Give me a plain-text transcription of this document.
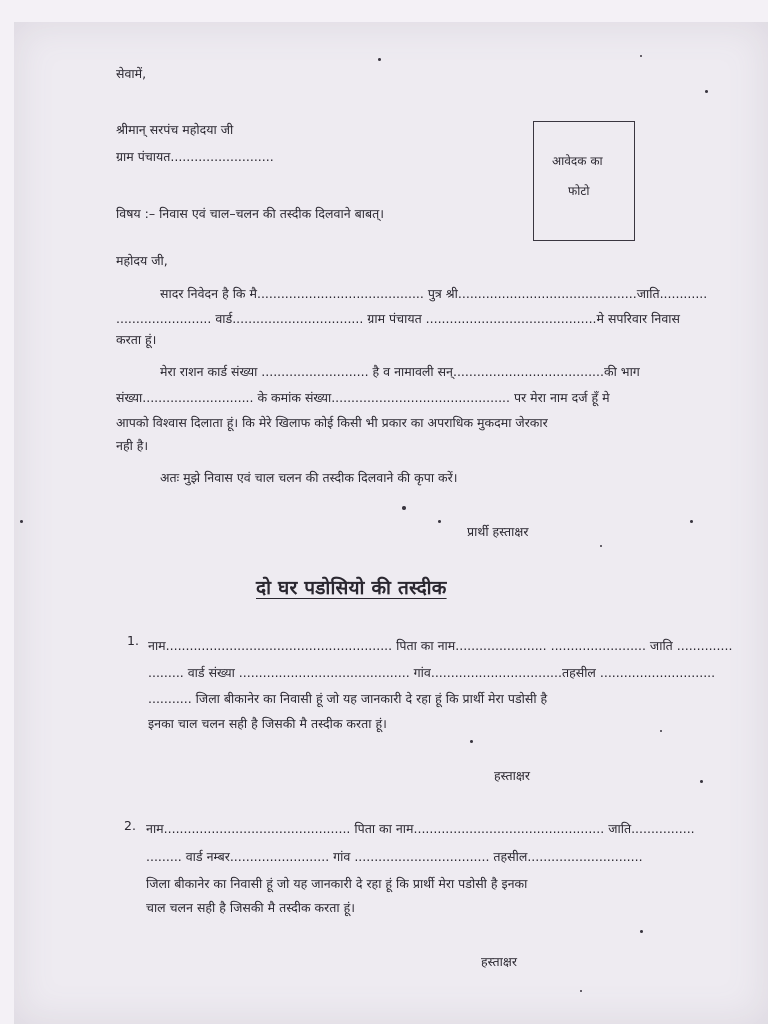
सेवामें,
श्रीमान् सरपंच महोदया जी
ग्राम पंचायत..........................	आवेदक का
फोटो
विषय :– निवास एवं चाल–चलन की तस्दीक दिलवाने बाबत्।
महोदय जी,
सादर निवेदन है कि मै.......................................... पुत्र श्री.............................................जाति............
........................ वार्ड................................. ग्राम पंचायत ...........................................मे सपरिवार निवास
करता हूं।
मेरा राशन कार्ड संख्या ........................... है व नामावली सन्......................................की भाग
संख्या............................ के कमांक संख्या............................................. पर मेरा नाम दर्ज हूँ मे
आपको विश्वास दिलाता हूं। कि मेरे खिलाफ कोई किसी भी प्रकार का अपराधिक मुकदमा जेरकार
नही है।
अतः मुझे निवास एवं चाल चलन की तस्दीक दिलवाने की कृपा करें।
प्रार्थी हस्ताक्षर
दो घर पडोसियो की तस्दीक
1. नाम......................................................... पिता का नाम....................... ........................ जाति ..............
......... वार्ड संख्या ........................................... गांव.................................तहसील .............................
........... जिला बीकानेर का निवासी हूं जो यह जानकारी दे रहा हूं कि प्रार्थी मेरा पडोसी है
इनका चाल चलन सही है जिसकी मै तस्दीक करता हूं।
हस्ताक्षर
2. नाम............................................... पिता का नाम................................................ जाति................
......... वार्ड नम्बर......................... गांव .................................. तहसील.............................
जिला बीकानेर का निवासी हूं जो यह जानकारी दे रहा हूं कि प्रार्थी मेरा पडोसी है इनका
चाल चलन सही है जिसकी मै तस्दीक करता हूं।
हस्ताक्षर
